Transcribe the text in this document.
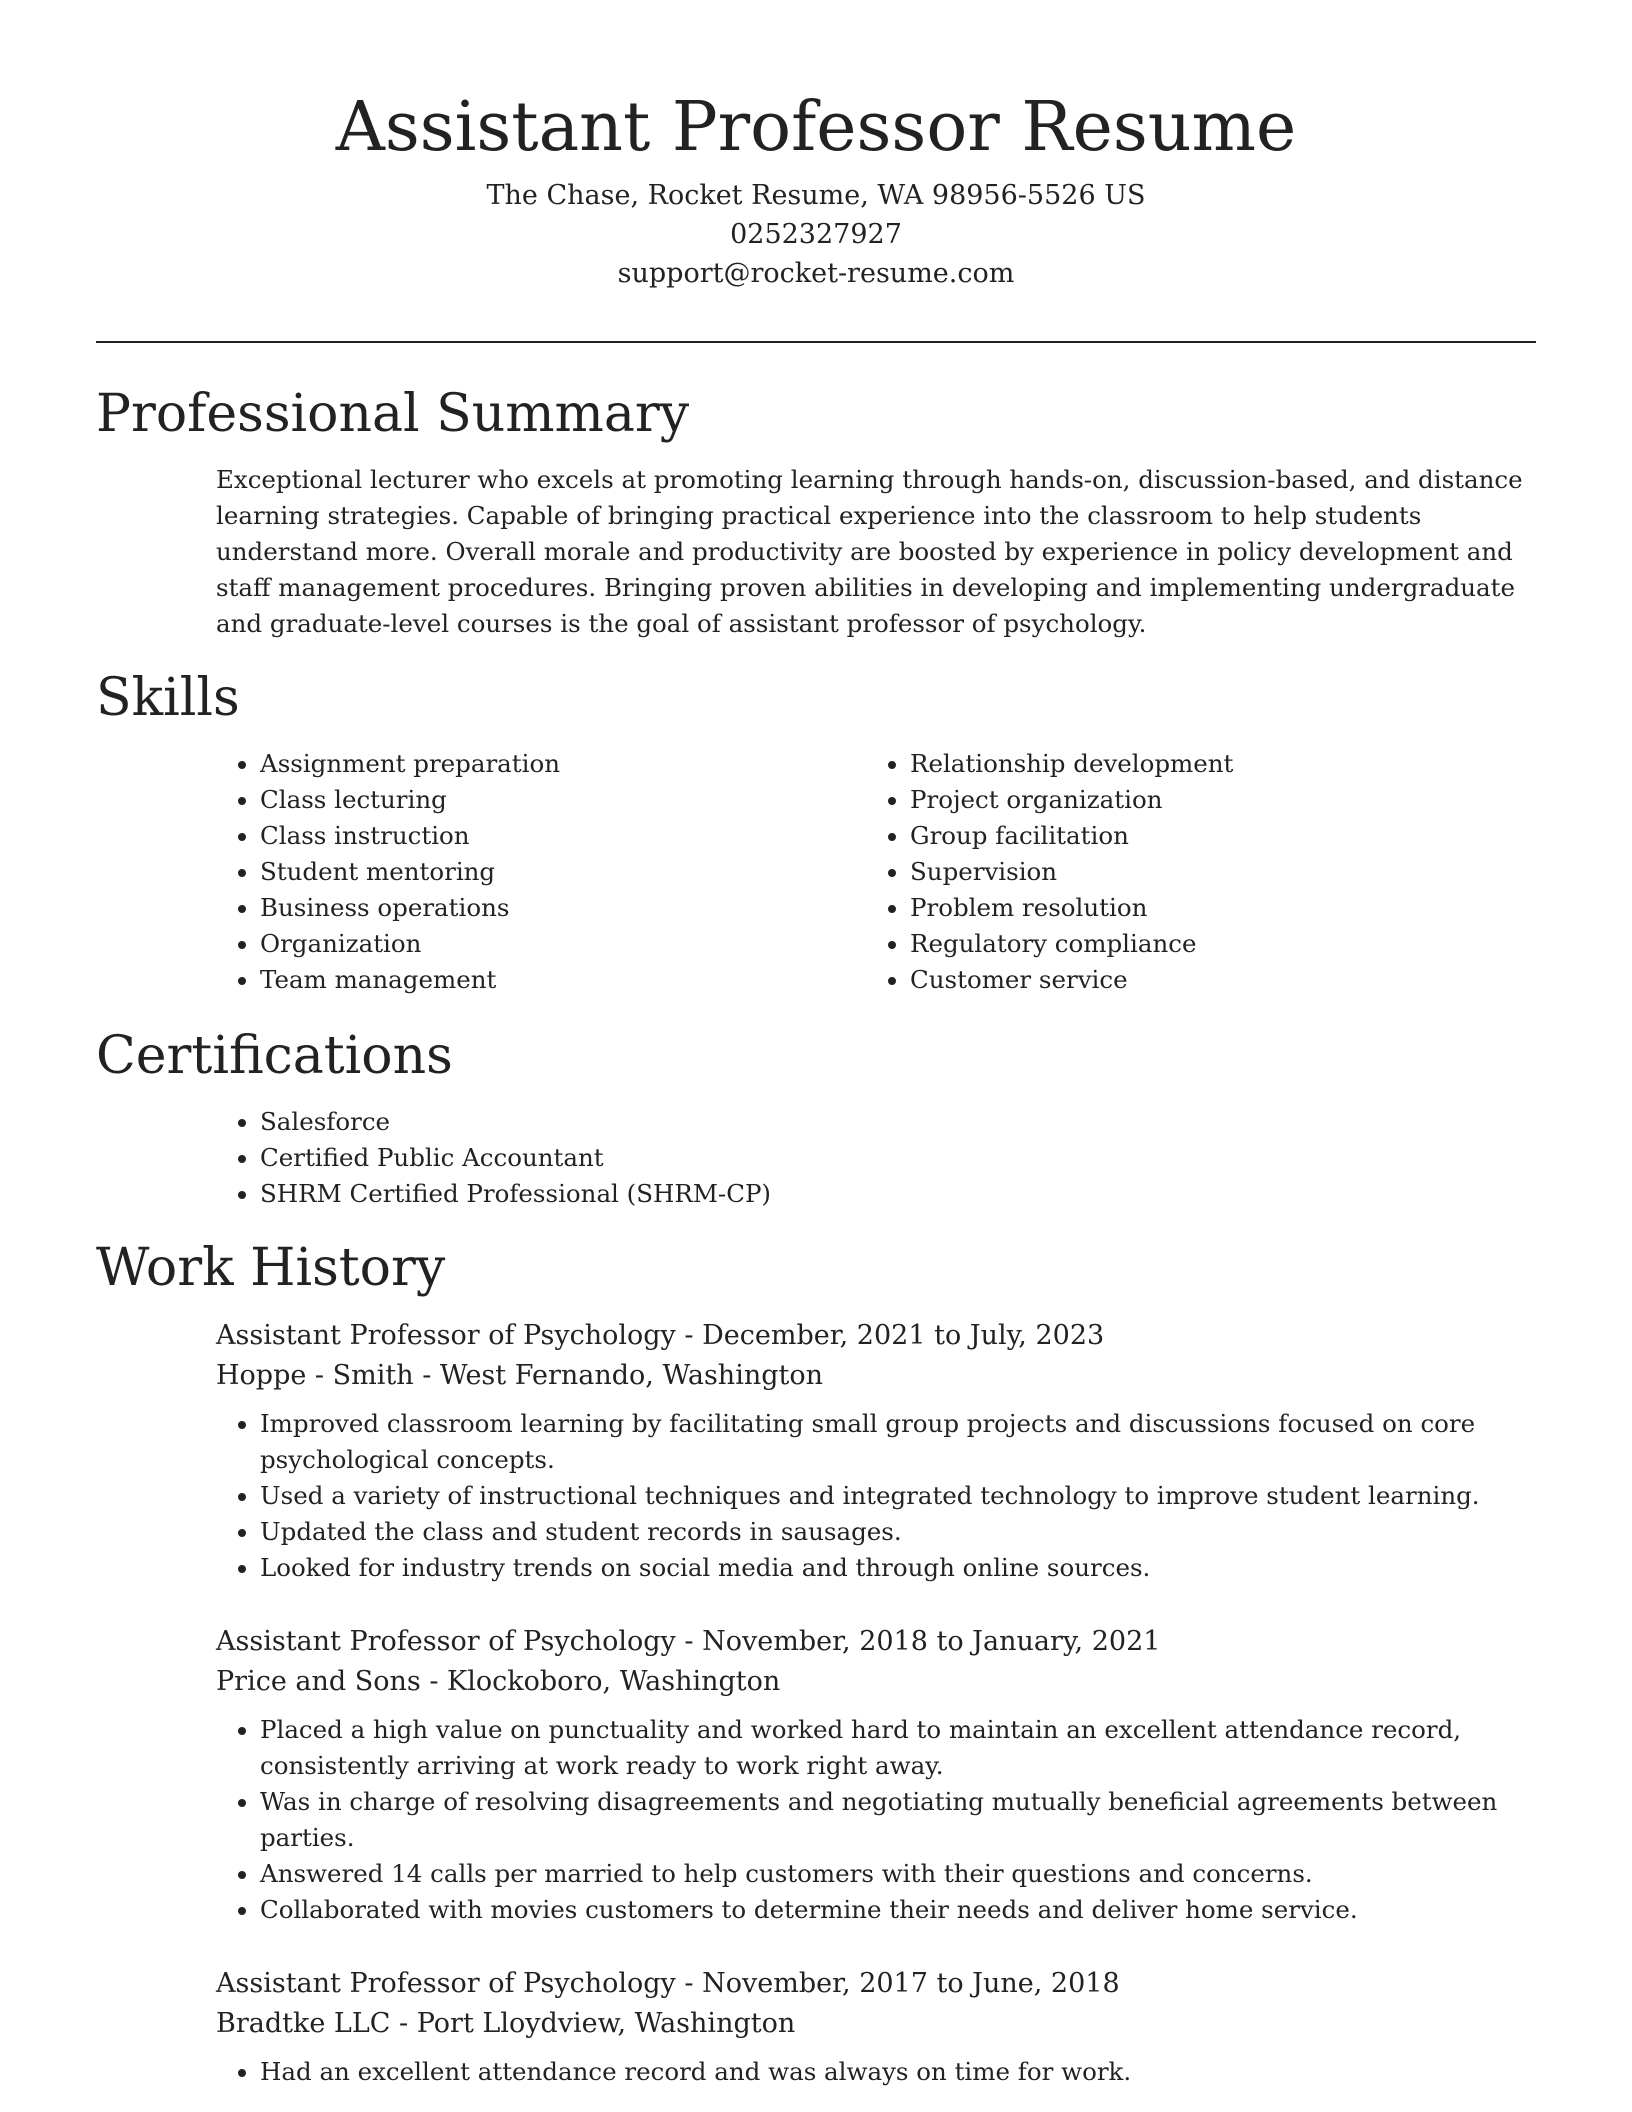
Assistant Professor Resume
The Chase, Rocket Resume, WA 98956-5526 US
0252327927
support@rocket-resume.com
Professional Summary

Exceptional lecturer who excels at promoting learning through hands-on, discussion-based, and distance learning strategies. Capable of bringing practical experience into the classroom to help students understand more. Overall morale and productivity are boosted by experience in policy development and staff management procedures. Bringing proven abilities in developing and implementing undergraduate and graduate-level courses is the goal of assistant professor of psychology.

Skills
• Assignment preparation
• Class lecturing
• Class instruction
• Student mentoring
• Business operations
• Organization
• Team management
• Relationship development
• Project organization
• Group facilitation
• Supervision
• Problem resolution
• Regulatory compliance
• Customer service
Certifications
• Salesforce
• Certified Public Accountant
• SHRM Certified Professional (SHRM-CP)
Work History
Assistant Professor of Psychology - December, 2021 to July, 2023
Hoppe - Smith - West Fernando, Washington
• Improved classroom learning by facilitating small group projects and discussions focused on core psychological concepts.
• Used a variety of instructional techniques and integrated technology to improve student learning.
• Updated the class and student records in sausages.
• Looked for industry trends on social media and through online sources.
Assistant Professor of Psychology - November, 2018 to January, 2021
Price and Sons - Klockoboro, Washington
• Placed a high value on punctuality and worked hard to maintain an excellent attendance record, consistently arriving at work ready to work right away.
• Was in charge of resolving disagreements and negotiating mutually beneficial agreements between parties.
• Answered 14 calls per married to help customers with their questions and concerns.
• Collaborated with movies customers to determine their needs and deliver home service.
Assistant Professor of Psychology - November, 2017 to June, 2018
Bradtke LLC - Port Lloydview, Washington
• Had an excellent attendance record and was always on time for work.
